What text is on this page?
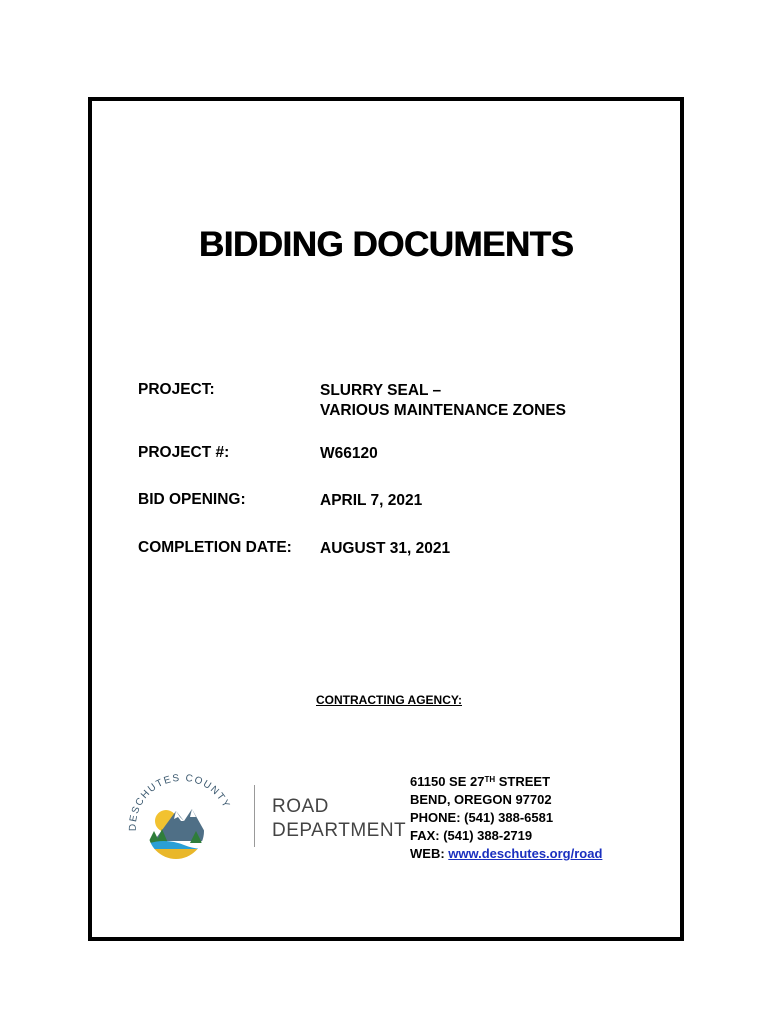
BIDDING DOCUMENTS
PROJECT:	SLURRY SEAL –
VARIOUS MAINTENANCE ZONES
PROJECT #:	W66120
BID OPENING:	APRIL 7, 2021
COMPLETION DATE: AUGUST 31, 2021
CONTRACTING AGENCY:
DESCHUTES COUNTY ROAD
DEPARTMENT
61150 SE 27TH STREET
BEND, OREGON 97702
PHONE: (541) 388-6581
FAX: (541) 388-2719
WEB: www.deschutes.org/road
